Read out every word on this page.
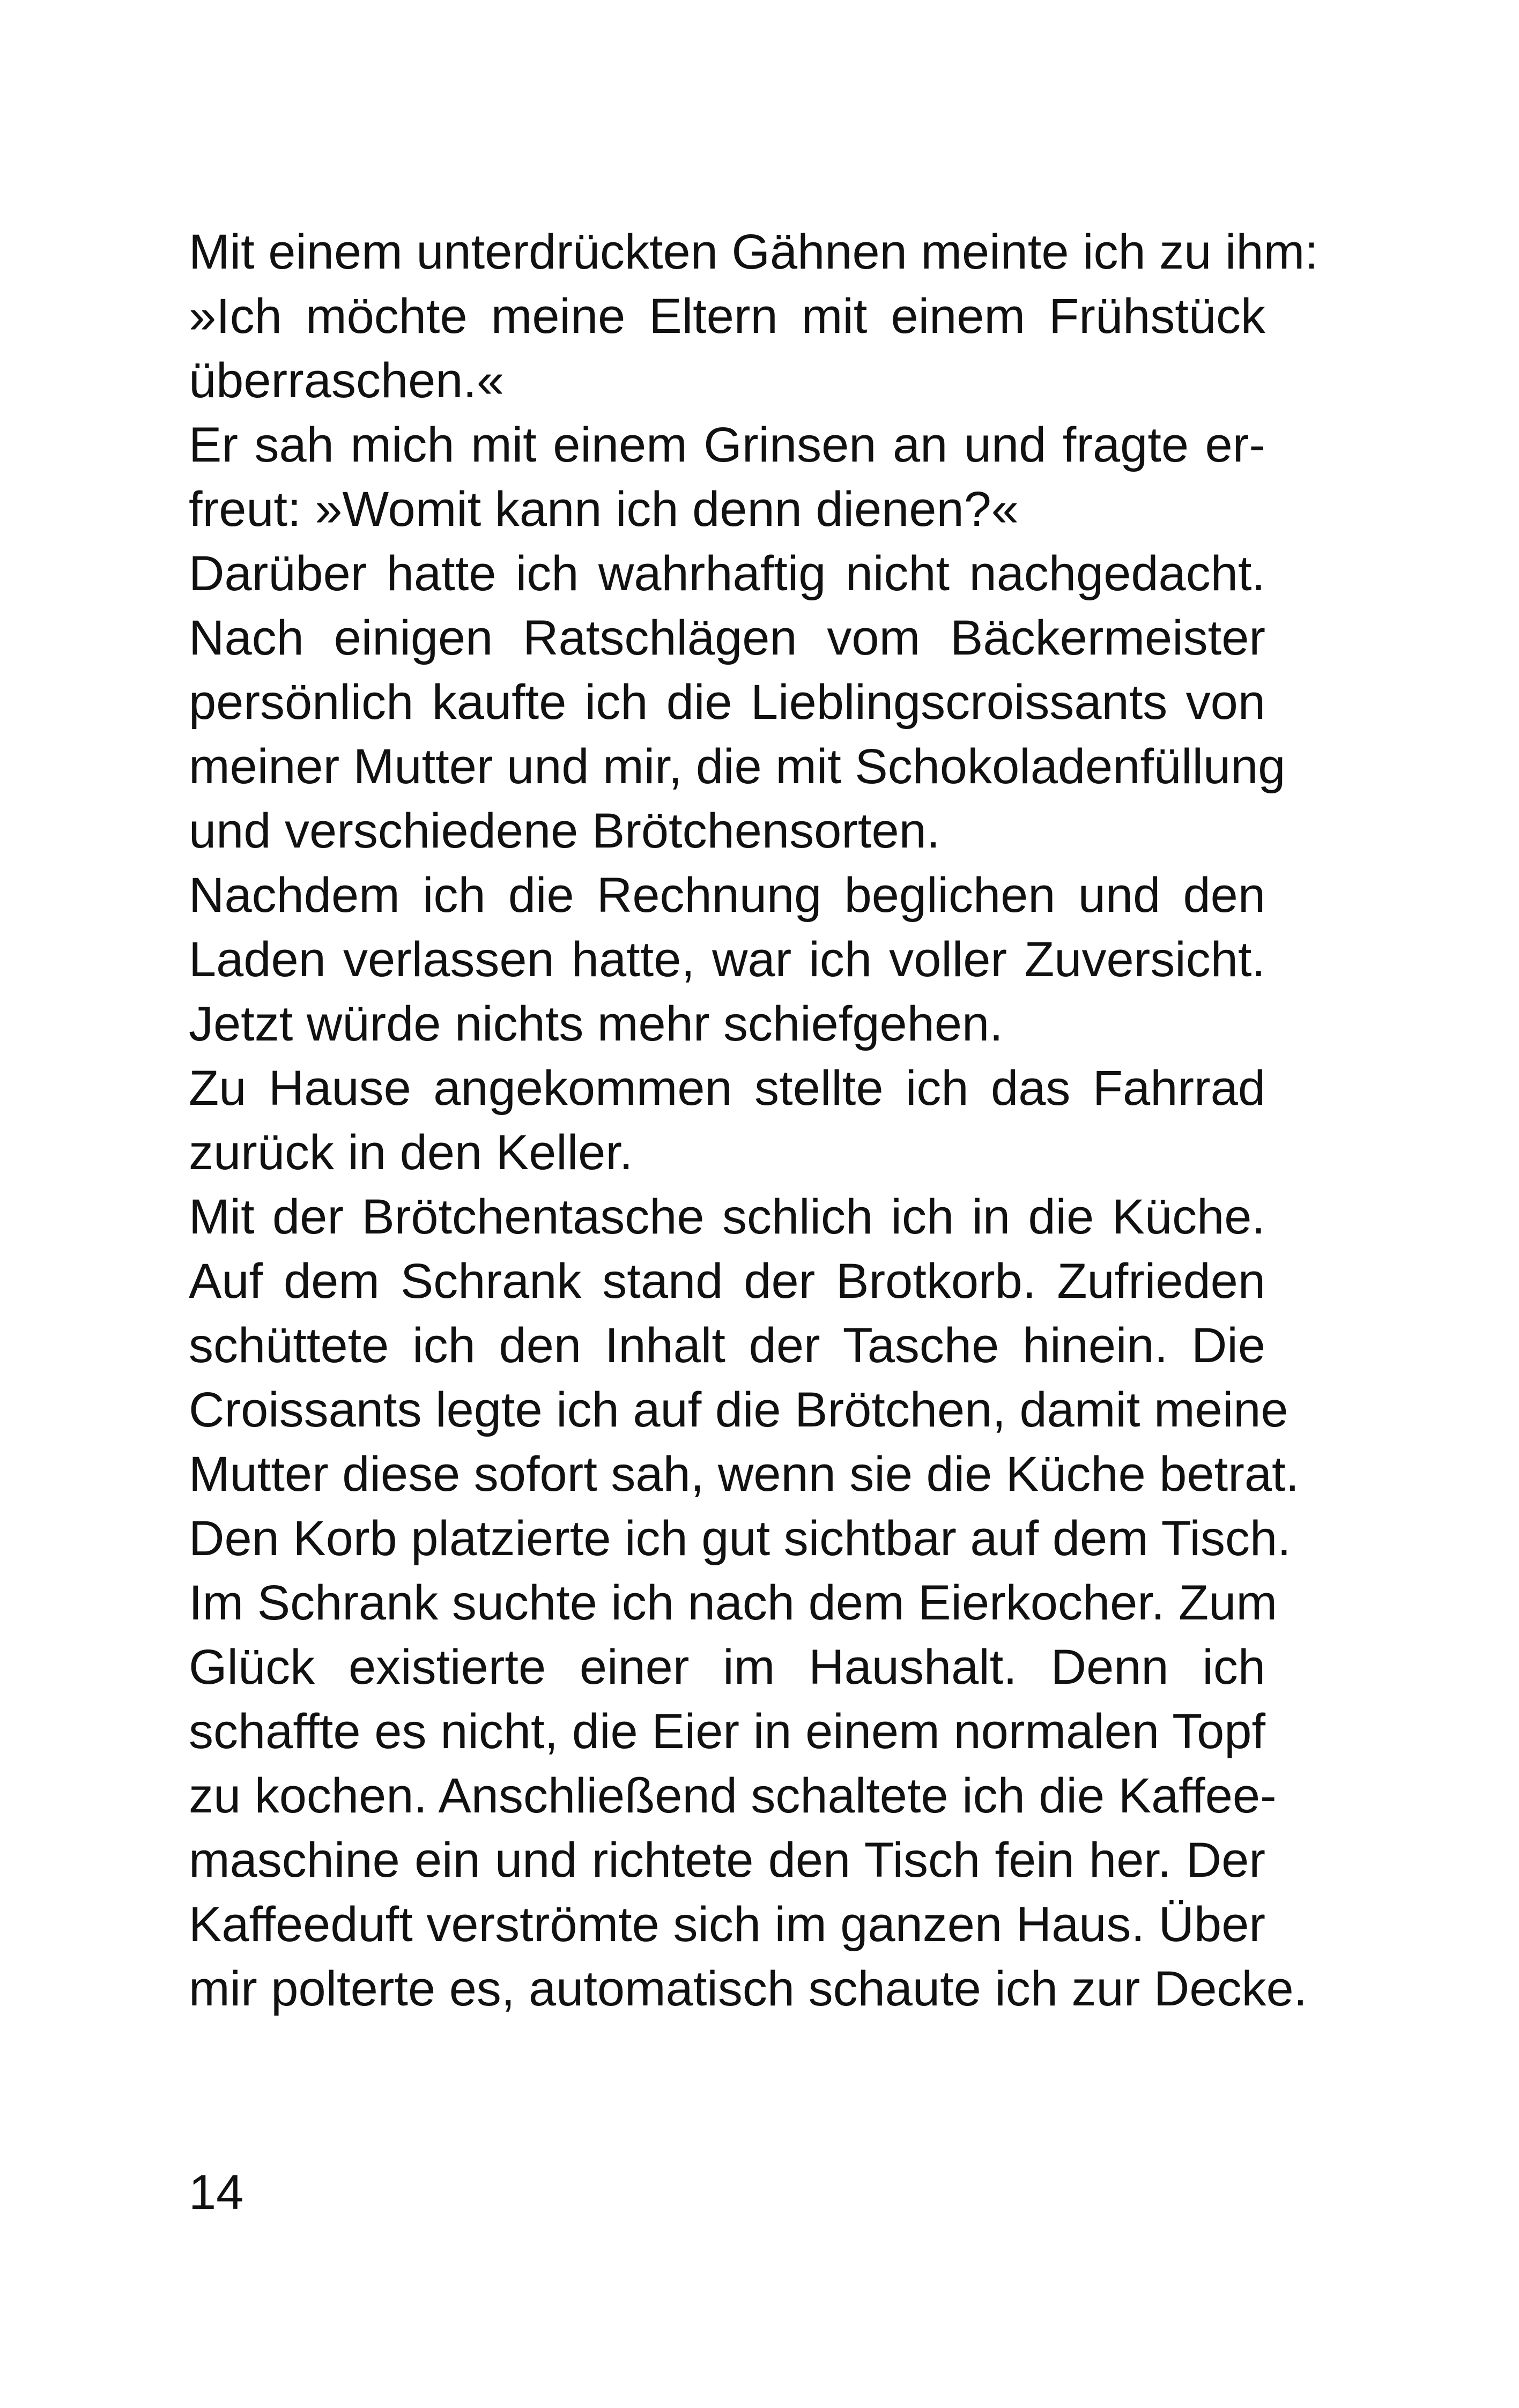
Mit einem unterdrückten Gähnen meinte ich zu ihm:
»Ich möchte meine Eltern mit einem Frühstück
überraschen.«
Er sah mich mit einem Grinsen an und fragte er-
freut: »Womit kann ich denn dienen?«
Darüber hatte ich wahrhaftig nicht nachgedacht.
Nach einigen Ratschlägen vom Bäckermeister
persönlich kaufte ich die Lieblingscroissants von
meiner Mutter und mir, die mit Schokoladenfüllung
und verschiedene Brötchensorten.
Nachdem ich die Rechnung beglichen und den
Laden verlassen hatte, war ich voller Zuversicht.
Jetzt würde nichts mehr schiefgehen.
Zu Hause angekommen stellte ich das Fahrrad
zurück in den Keller.
Mit der Brötchentasche schlich ich in die Küche.
Auf dem Schrank stand der Brotkorb. Zufrieden
schüttete ich den Inhalt der Tasche hinein. Die
Croissants legte ich auf die Brötchen, damit meine
Mutter diese sofort sah, wenn sie die Küche betrat.
Den Korb platzierte ich gut sichtbar auf dem Tisch.
Im Schrank suchte ich nach dem Eierkocher. Zum
Glück existierte einer im Haushalt. Denn ich
schaffte es nicht, die Eier in einem normalen Topf
zu kochen. Anschließend schaltete ich die Kaffee-
maschine ein und richtete den Tisch fein her. Der
Kaffeeduft verströmte sich im ganzen Haus. Über
mir polterte es, automatisch schaute ich zur Decke.
14
